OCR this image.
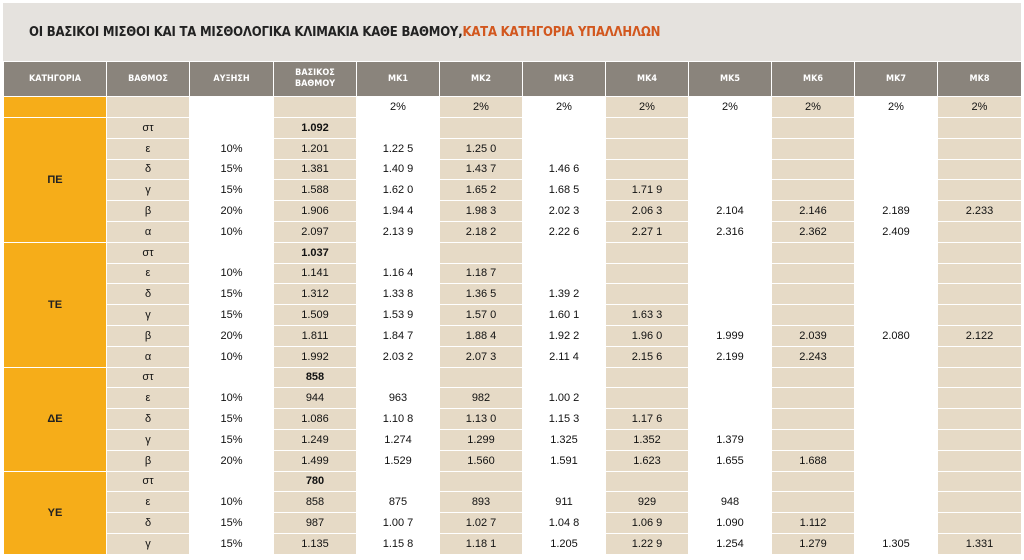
ΟΙ ΒΑΣΙΚΟΙ ΜΙΣΘΟΙ ΚΑΙ ΤΑ ΜΙΣΘΟΛΟΓΙΚΑ ΚΛΙΜΑΚΙΑ ΚΑΘΕ ΒΑΘΜΟΥ, ΚΑΤΑ ΚΑΤΗΓΟΡΙΑ ΥΠΑΛΛΗΛΩΝ
ΚΑΤΗΓΟΡΙΑ	ΒΑΘΜΟΣ	ΑΥΞΗΣΗ	ΒΑΣΙΚΟΣ ΒΑΘΜΟΥ	ΜΚ1	ΜΚ2	ΜΚ3	ΜΚ4	ΜΚ5	ΜΚ6	ΜΚ7	ΜΚ8
				2%	2%	2%	2%	2%	2%	2%	2%
ΠΕ	στ		1.092								
	ε	10%	1.201	1.22 5	1.25 0						
	δ	15%	1.381	1.40 9	1.43 7	1.46 6					
	γ	15%	1.588	1.62 0	1.65 2	1.68 5	1.71 9				
	β	20%	1.906	1.94 4	1.98 3	2.02 3	2.06 3	2.104	2.146	2.189	2.233
	α	10%	2.097	2.13 9	2.18 2	2.22 6	2.27 1	2.316	2.362	2.409	
ΤΕ	στ		1.037								
	ε	10%	1.141	1.16 4	1.18 7						
	δ	15%	1.312	1.33 8	1.36 5	1.39 2					
	γ	15%	1.509	1.53 9	1.57 0	1.60 1	1.63 3				
	β	20%	1.811	1.84 7	1.88 4	1.92 2	1.96 0	1.999	2.039	2.080	2.122
	α	10%	1.992	2.03 2	2.07 3	2.11 4	2.15 6	2.199	2.243		
ΔΕ	στ		858								
	ε	10%	944	963	982	1.00 2					
	δ	15%	1.086	1.10 8	1.13 0	1.15 3	1.17 6				
	γ	15%	1.249	1.274	1.299	1.325	1.352	1.379			
	β	20%	1.499	1.529	1.560	1.591	1.623	1.655	1.688		
ΥΕ	στ		780								
	ε	10%	858	875	893	911	929	948			
	δ	15%	987	1.00 7	1.02 7	1.04 8	1.06 9	1.090	1.112		
	γ	15%	1.135	1.15 8	1.18 1	1.205	1.22 9	1.254	1.279	1.305	1.331
